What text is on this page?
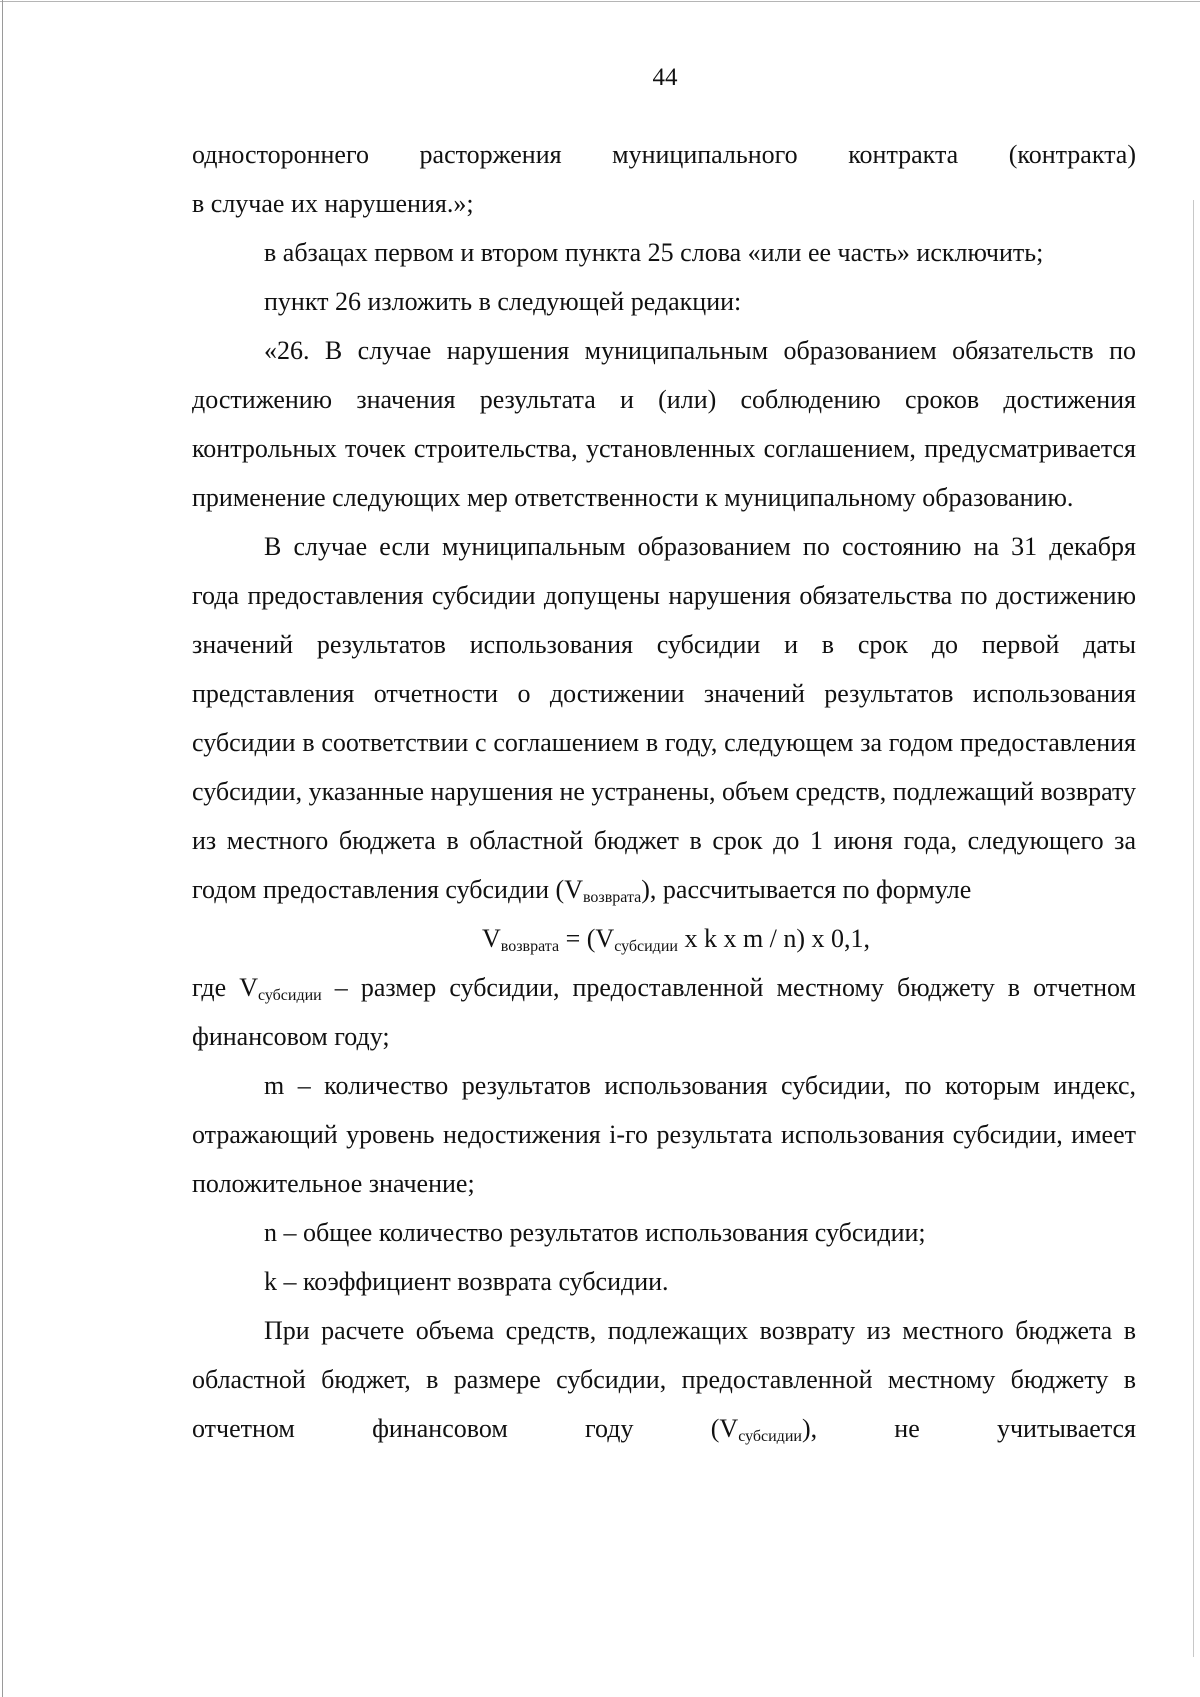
44

одностороннего расторжения муниципального контракта (контракта)

в случае их нарушения.»;

в абзацах первом и втором пункта 25 слова «или ее часть» исключить;

пункт 26 изложить в следующей редакции:

«26. В случае нарушения муниципальным образованием обязательств по достижению значения результата и (или) соблюдению сроков достижения контрольных точек строительства, установленных соглашением, предусматривается применение следующих мер ответственности к муниципальному образованию.

В случае если муниципальным образованием по состоянию на 31 декабря года предоставления субсидии допущены нарушения обязательства по достижению значений результатов использования субсидии и в срок до первой даты представления отчетности о достижении значений результатов использования субсидии в соответствии с соглашением в году, следующем за годом предоставления субсидии, указанные нарушения не устранены, объем средств, подлежащий возврату из местного бюджета в областной бюджет в срок до 1 июня года, следующего за годом предоставления субсидии $(V_{возврата})$, рассчитывается по формуле

$V_{возврата} = (V_{субсидии}$ x k x m / n) x 0,1,

где $V_{субсидии}$ – размер субсидии, предоставленной местному бюджету в отчетном финансовом году;

m – количество результатов использования субсидии, по которым индекс, отражающий уровень недостижения i-го результата использования субсидии, имеет положительное значение;

n – общее количество результатов использования субсидии;

k – коэффициент возврата субсидии.

При расчете объема средств, подлежащих возврату из местного бюджета в областной бюджет, в размере субсидии, предоставленной местному бюджету в отчетном финансовом году $(V_{субсидии})$, не учитывается
